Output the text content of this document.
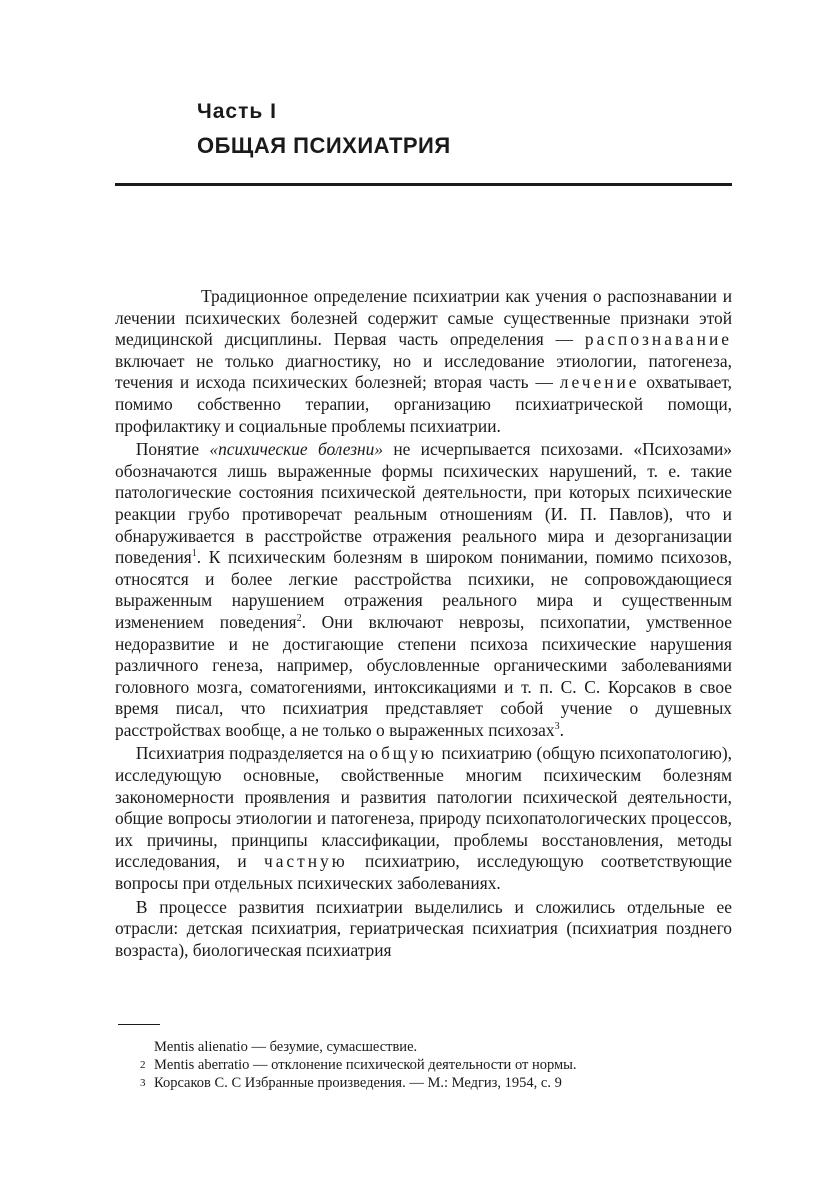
Часть I
ОБЩАЯ ПСИХИАТРИЯ

Традиционное определение психиатрии как учения о распознавании и лечении психических болезней содержит самые существенные признаки этой медицинской дисциплины. Первая часть определения — распознавание включает не только диагностику, но и исследование этиологии, патогенеза, течения и исхода психических болезней; вторая часть — лечение охватывает, помимо собственно терапии, организацию психиатрической помощи, профилактику и социальные проблемы психиатрии.

Понятие «психические болезни» не исчерпывается психозами. «Психозами» обозначаются лишь выраженные формы психических нарушений, т. е. такие патологические состояния психической деятельности, при которых психические реакции грубо противоречат реальным отношениям (И. П. Павлов), что и обнаруживается в расстройстве отражения реального мира и дезорганизации поведения$^1$. К психическим болезням в широком понимании, помимо психозов, относятся и более легкие расстройства психики, не сопровождающиеся выраженным нарушением отражения реального мира и существенным изменением поведения$^2$. Они включают неврозы, психопатии, умственное недоразвитие и не достигающие степени психоза психические нарушения различного генеза, например, обусловленные органическими заболеваниями головного мозга, соматогениями, интоксикациями и т. п. С. С. Корсаков в свое время писал, что психиатрия представляет собой учение о душевных расстройствах вообще, а не только о выраженных психозах$^3$.

Психиатрия подразделяется на общую психиатрию (общую психопатологию), исследующую основные, свойственные многим психическим болезням закономерности проявления и развития патологии психической деятельности, общие вопросы этиологии и патогенеза, природу психопатологических процессов, их причины, принципы классификации, проблемы восстановления, методы исследования, и частную психиатрию, исследующую соответствующие вопросы при отдельных психических заболеваниях.

В процессе развития психиатрии выделились и сложились отдельные ее отрасли: детская психиатрия, гериатрическая психиатрия (психиатрия позднего возраста), биологическая психиатрия

Mentis alienatio — безумие, сумасшествие.

2 Mentis aberratio — отклонение психической деятельности от нормы.

3 Корсаков С. С Избранные произведения. — М.: Медгиз, 1954, с. 9
